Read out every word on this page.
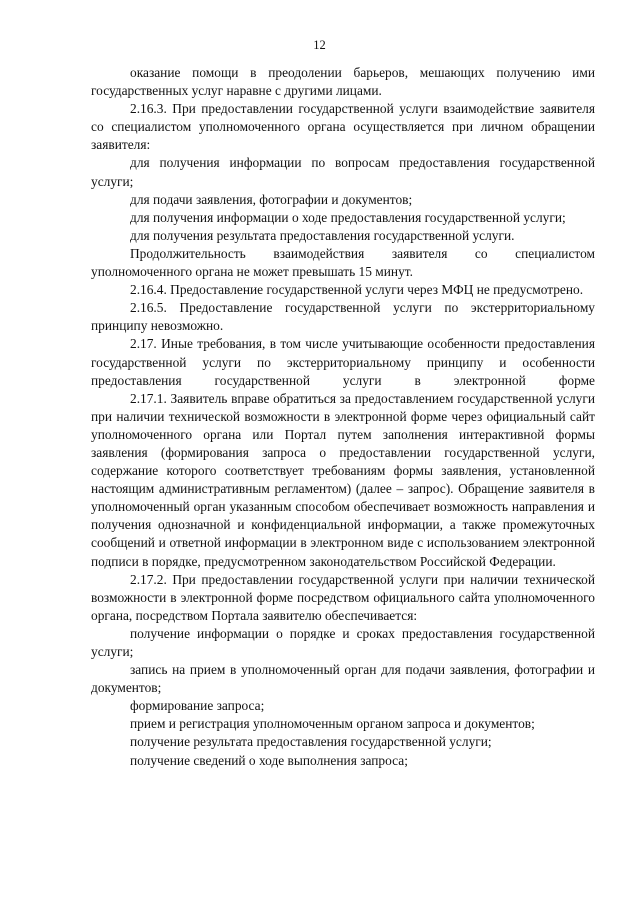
12

оказание помощи в преодолении барьеров, мешающих получению ими государственных услуг наравне с другими лицами.

2.16.3. При предоставлении государственной услуги взаимодействие заявителя со специалистом уполномоченного органа осуществляется при личном обращении заявителя:

для получения информации по вопросам предоставления государственной услуги;

для подачи заявления, фотографии и документов;

для получения информации о ходе предоставления государственной услуги;

для получения результата предоставления государственной услуги.

Продолжительность взаимодействия заявителя со специалистом уполномоченного органа не может превышать 15 минут.

2.16.4. Предоставление государственной услуги через МФЦ не предусмотрено.

2.16.5. Предоставление государственной услуги по экстерриториальному принципу невозможно.

2.17. Иные требования, в том числе учитывающие особенности предоставления государственной услуги по экстерриториальному принципу и особенности предоставления государственной услуги в электронной форме

2.17.1. Заявитель вправе обратиться за предоставлением государственной услуги при наличии технической возможности в электронной форме через официальный сайт уполномоченного органа или Портал путем заполнения интерактивной формы заявления (формирования запроса о предоставлении государственной услуги, содержание которого соответствует требованиям формы заявления, установленной настоящим административным регламентом) (далее – запрос). Обращение заявителя в уполномоченный орган указанным способом обеспечивает возможность направления и получения однозначной и конфиденциальной информации, а также промежуточных сообщений и ответной информации в электронном виде с использованием электронной подписи в порядке, предусмотренном законодательством Российской Федерации.

2.17.2. При предоставлении государственной услуги при наличии технической возможности в электронной форме посредством официального сайта уполномоченного органа, посредством Портала заявителю обеспечивается:

получение информации о порядке и сроках предоставления государственной услуги;

запись на прием в уполномоченный орган для подачи заявления, фотографии и документов;

формирование запроса;

прием и регистрация уполномоченным органом запроса и документов;

получение результата предоставления государственной услуги;

получение сведений о ходе выполнения запроса;
